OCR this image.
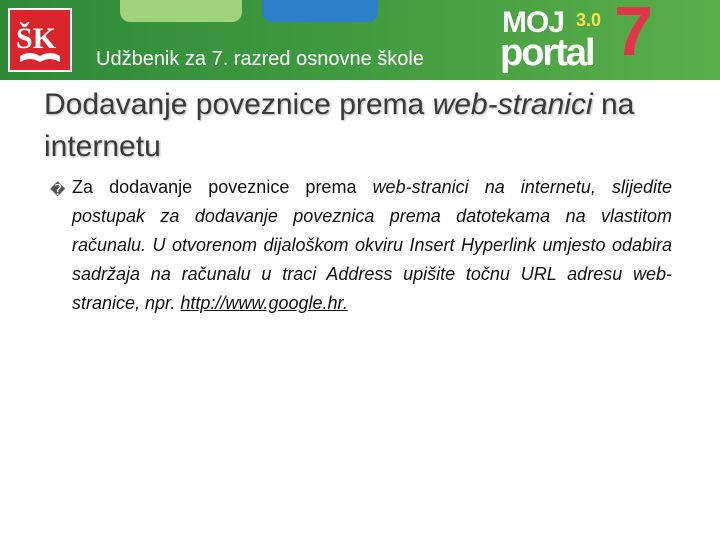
ŠK
Udžbenik za 7. razred osnovne škole
MOJ 3.0
portal 7
Dodavanje poveznice prema web-stranici na internetu
� Za dodavanje poveznice prema web-stranici na internetu, slijedite postupak za dodavanje poveznica prema datotekama na vlastitom računalu. U otvorenom dijaloškom okviru Insert Hyperlink umjesto odabira sadržaja na računalu u traci Address upišite točnu URL adresu web-stranice, npr. http://www.google.hr.
